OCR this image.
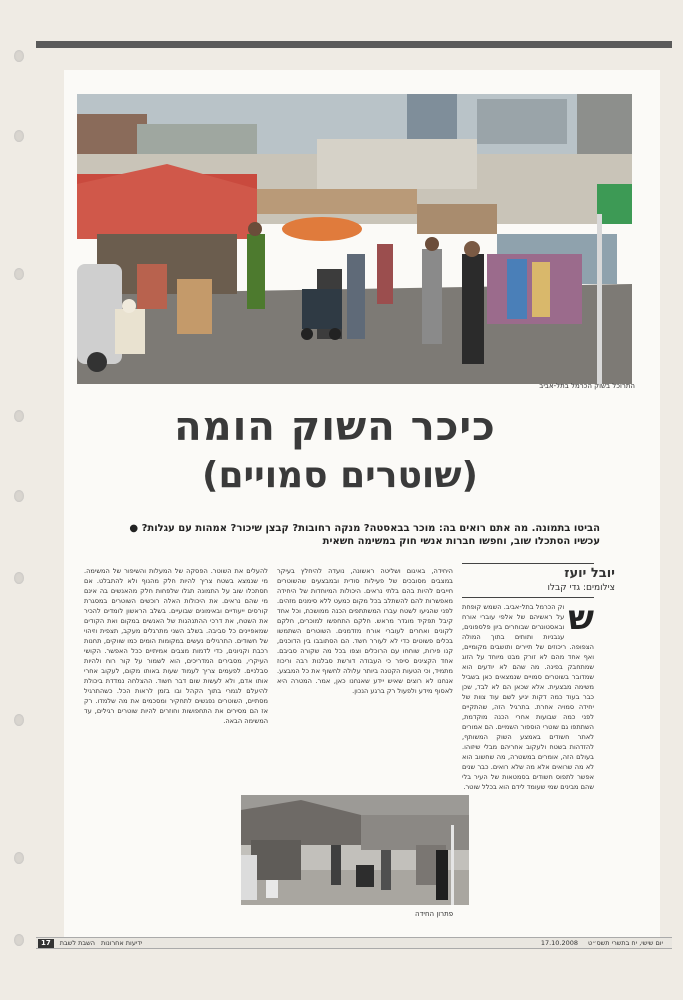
התרוכל בשוק הכרמל בתל-אביב
כיכר השוק הומה
(שוטרים סמויים)
הביטו בתמונה. מה אתם רואים בה: מוכר בבאסטה? מנקה רחובות? קבצן שיכור? אמהות עם עגלות? ● עכשיו הסתכלו שוב, וחפשו חברות אנשי חוק במשימה חשאית
יובל יועז
צילומים: גדי קבלו
ש
וק הכרמל בתל-אביב. השמש קופחת על ראשיהם של אלפי עוברי אורח ובאסטונרים שבוחרים ביון פלספונים, עגבניות ותותים בתוך המולה הצפופה. ריכוזים של תיירים ותושבים מקומיים, ואף אחד מהם לא זורק מבט מיוחד על הזוג שמתחבק בפינה. מה שהם לא יודעים הוא שמדובר בשוטרים סמויים שנמצאים כאן בשביל משימה מבצעית. אלא שכאן הם לא לבד, שכן כבר בעוד כמה דקות יגיע לשם עוד צוות של יחידה סמויה אחרת. בתרגיל הזה, שהתקיים לפני כמה שבועות אחרי הכנה מוקדמת, השתתפו גם שוטרי הוספור השמיים. הם אמורים לאתר חשודים באמצע השוק המשותף, להזדהות בשטח ולעקוב אחריהם מבלי שיזוהו. בעולם הזה, אומרים במשטרה, מה שחשוב הוא לא מה שרואים אלא מה שלא רואים. כבר שנים אפשר לתפוס חשודים בסמטאות של העיר בלי שהם מבינים שמי שעומד לידם הוא בכלל שוטר.
היחידה, באיגום ושליטה ראשונה, נועדה להיחלץ בעיקר במצבים מסובכים של פעילות סודית ובמבצעים שהשוטרים חייבים להיות בהם בלתי נראים. היכולות המיוחדות של היחידה מאפשרות להם להשתלב בכל מקום כמעט ללא סימנים מזהים. לפני שהגיעו לשטח עברו המשתתפים הכנה ממושכת, וכל אחד קיבל תפקיד מוגדר מראש. חלקם התחפשו למוכרים, חלקם לקונים ואחרים לעוברי אורח מזדמנים. השוטרים השתמשו בכלים פשוטים כדי לא לעורר חשד. הם הסתובבו בין הדוכנים, קנו פירות, שוחחו עם הרוכלים וצפו בכל מה שקורה סביבם. אחד הקצינים סיפר כי העבודה דורשת סבלנות רבה וריכוז מתמיד, וכי הטעות הקטנה ביותר עלולה לחשוף את כל המבצע. אנחנו לא רוצים שאיש יידע שאנחנו כאן, אמר. המטרה היא לאסוף מידע ולפעול רק ברגע הנכון.
להעלים את השוטר. הפסקה של המעלות והשיפור של המשימה. מי שנמצא בשטח צריך להיות חלק מהנוף ולא להתבלט. אם תסתכלו שוב על התמונה תגלו שלפחות חלק מהאנשים בה אינם מי שהם נראים. את היכולות האלה רוכשים השוטרים במסגרת קורסים ייעודיים ובאימונים שבועיים. בשלב הראשון לומדים להכיר את השטח, את דרכי ההתנהגות של האנשים במקום ואת הקודים שמאפיינים כל סביבה. בשלב השני מתרגלים מעקב, תצפית וזיהוי של חשודים. התרגילים נעשים במקומות הומים כמו שווקים, תחנות רכבת וקניונים, כדי לדמות מצבים אמיתיים ככל האפשר. הקושי העיקרי, מסבירים המדריכים, הוא לשמור על קור רוח ולהיות סבלניים. לפעמים צריך לעמוד שעות באותו מקום, לעקוב אחרי אותו אדם, ולא לעשות שום דבר חשוד. ההצלחה נמדדת ביכולת להיעלם לגמרי בתוך הקהל ובו בזמן לראות הכל. כשהתרגיל מסתיים, השוטרים נפגשים לתחקיר ומסכמים את מה שלמדו. רק אז הם מסירים את התחפושות וחוזרים להיות שוטרים רגילים, עד המשימה הבאה.
פתרון החידה
17	השבת לשבת ידיעות אחרונות	יום שישי, יח בתשרי תשס״ט
17.10.2008
